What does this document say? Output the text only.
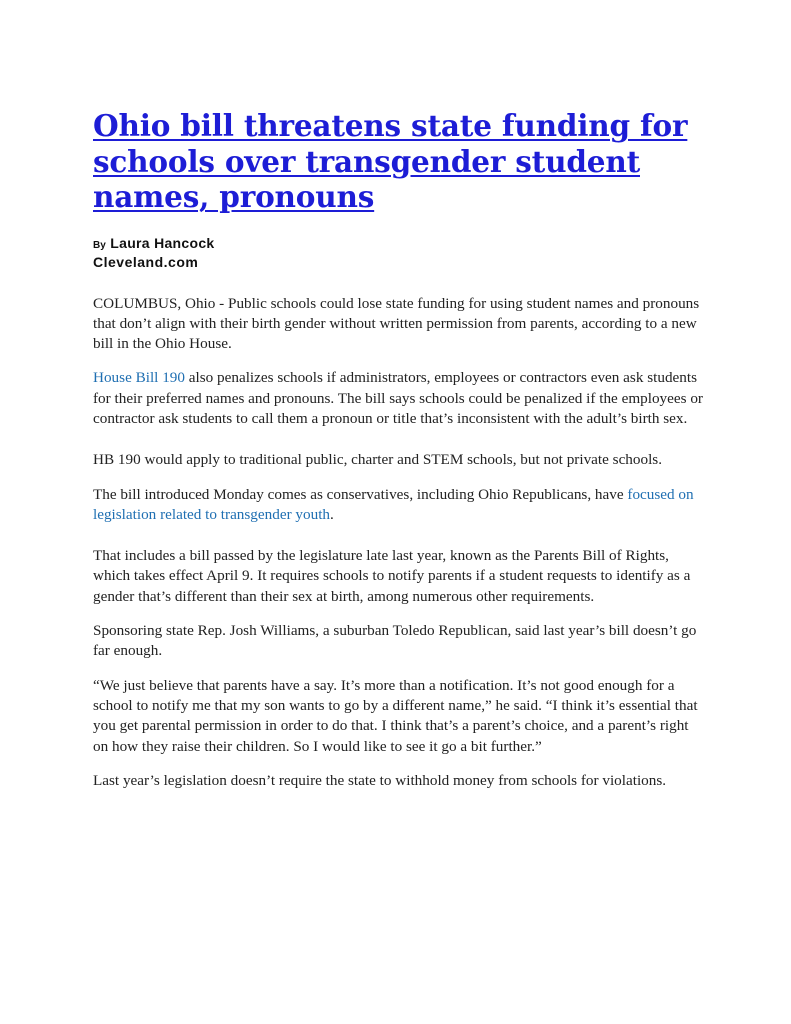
Ohio bill threatens state funding for schools over transgender student names, pronouns
By Laura Hancock
Cleveland.com

COLUMBUS, Ohio - Public schools could lose state funding for using student names and pronouns that don’t align with their birth gender without written permission from parents, according to a new bill in the Ohio House.

House Bill 190 also penalizes schools if administrators, employees or contractors even ask students for their preferred names and pronouns. The bill says schools could be penalized if the employees or contractor ask students to call them a pronoun or title that’s inconsistent with the adult’s birth sex.

HB 190 would apply to traditional public, charter and STEM schools, but not private schools.

The bill introduced Monday comes as conservatives, including Ohio Republicans, have focused on legislation related to transgender youth.

That includes a bill passed by the legislature late last year, known as the Parents Bill of Rights, which takes effect April 9. It requires schools to notify parents if a student requests to identify as a gender that’s different than their sex at birth, among numerous other requirements.

Sponsoring state Rep. Josh Williams, a suburban Toledo Republican, said last year’s bill doesn’t go far enough.

“We just believe that parents have a say. It’s more than a notification. It’s not good enough for a school to notify me that my son wants to go by a different name,” he said. “I think it’s essential that you get parental permission in order to do that. I think that’s a parent’s choice, and a parent’s right on how they raise their children. So I would like to see it go a bit further.”

Last year’s legislation doesn’t require the state to withhold money from schools for violations.
